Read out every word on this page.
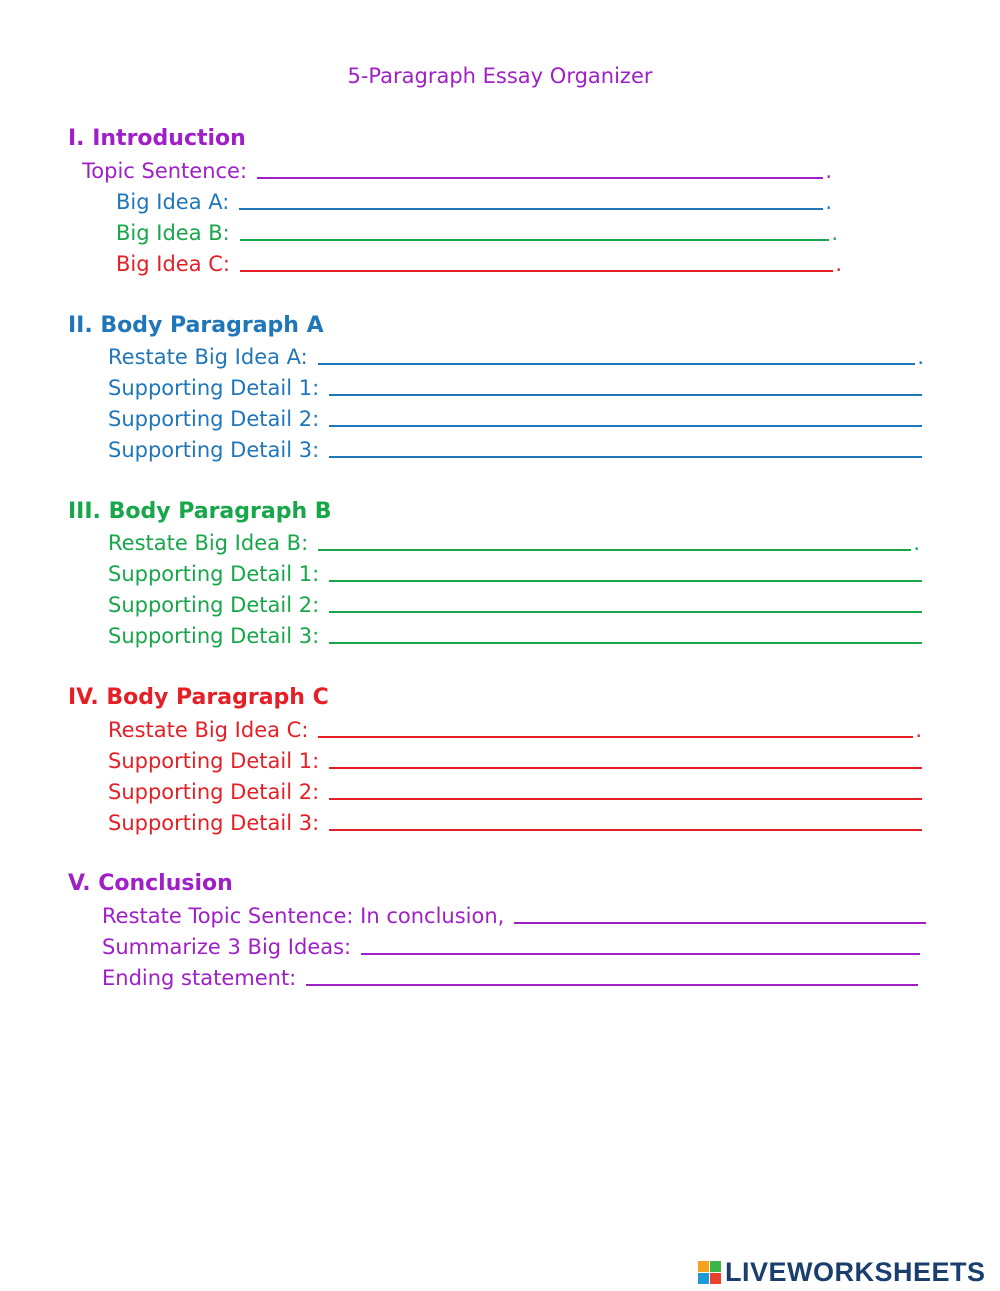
5-Paragraph Essay Organizer
I. Introduction
Topic Sentence:	.
Big Idea A:	.
Big Idea B:	.
Big Idea C:	.
II. Body Paragraph A
Restate Big Idea A:	.
Supporting Detail 1:
Supporting Detail 2:
Supporting Detail 3:
III. Body Paragraph B
Restate Big Idea B:	.
Supporting Detail 1:
Supporting Detail 2:
Supporting Detail 3:
IV. Body Paragraph C
Restate Big Idea C:	.
Supporting Detail 1:
Supporting Detail 2:
Supporting Detail 3:
V. Conclusion
Restate Topic Sentence: In conclusion,
Summarize 3 Big Ideas:
Ending statement:
LIVEWORKSHEETS
